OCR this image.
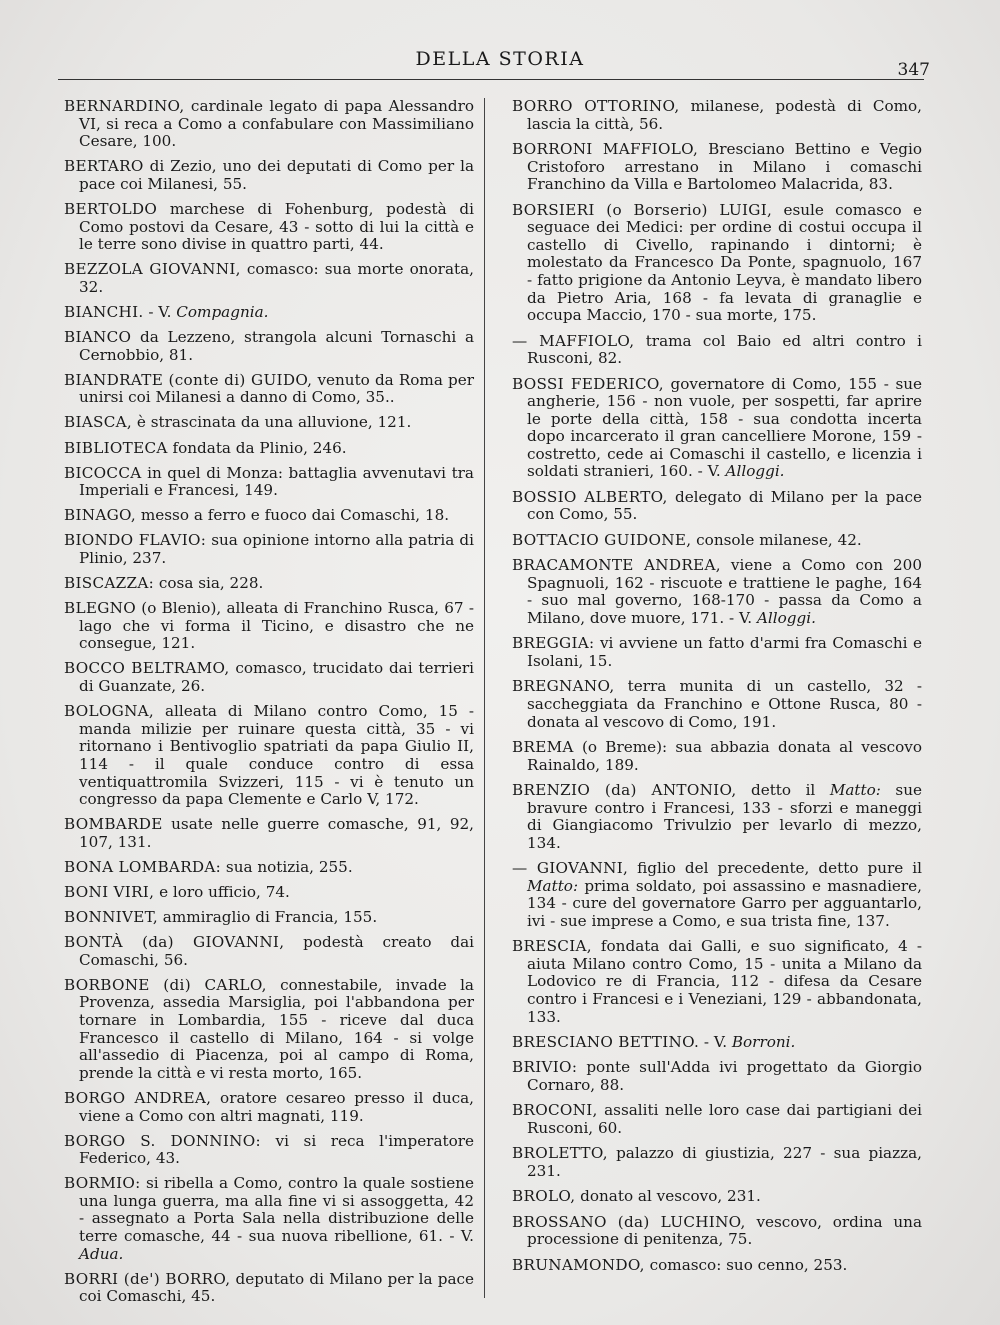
DELLA STORIA	347
BERNARDINO, cardinale legato di papa Alessandro VI, si reca a Como a confabulare con Massimiliano Cesare, 100.
BERTARO di Zezio, uno dei deputati di Como per la pace coi Milanesi, 55.
BERTOLDO marchese di Fohenburg, podestà di Como postovi da Cesare, 43 - sotto di lui la città e le terre sono divise in quattro parti, 44.
BEZZOLA GIOVANNI, comasco: sua morte onorata, 32.
BIANCHI. - V. Compagnia.
BIANCO da Lezzeno, strangola alcuni Tornaschi a Cernobbio, 81.
BIANDRATE (conte di) GUIDO, venuto da Roma per unirsi coi Milanesi a danno di Como, 35..
BIASCA, è strascinata da una alluvione, 121.
BIBLIOTECA fondata da Plinio, 246.
BICOCCA in quel di Monza: battaglia avvenutavi tra Imperiali e Francesi, 149.
BINAGO, messo a ferro e fuoco dai Comaschi, 18.
BIONDO FLAVIO: sua opinione intorno alla patria di Plinio, 237.
BISCAZZA: cosa sia, 228.
BLEGNO (o Blenio), alleata di Franchino Rusca, 67 - lago che vi forma il Ticino, e disastro che ne consegue, 121.
BOCCO BELTRAMO, comasco, trucidato dai terrieri di Guanzate, 26.
BOLOGNA, alleata di Milano contro Como, 15 - manda milizie per ruinare questa città, 35 - vi ritornano i Bentivoglio spatriati da papa Giulio II, 114 - il quale conduce contro di essa ventiquattromila Svizzeri, 115 - vi è tenuto un congresso da papa Clemente e Carlo V, 172.
BOMBARDE usate nelle guerre comasche, 91, 92, 107, 131.
BONA LOMBARDA: sua notizia, 255.
BONI VIRI, e loro ufficio, 74.
BONNIVET, ammiraglio di Francia, 155.
BONTÀ (da) GIOVANNI, podestà creato dai Comaschi, 56.
BORBONE (di) CARLO, connestabile, invade la Provenza, assedia Marsiglia, poi l'abbandona per tornare in Lombardia, 155 - riceve dal duca Francesco il castello di Milano, 164 - si volge all'assedio di Piacenza, poi al campo di Roma, prende la città e vi resta morto, 165.
BORGO ANDREA, oratore cesareo presso il duca, viene a Como con altri magnati, 119.
BORGO S. DONNINO: vi si reca l'imperatore Federico, 43.
BORMIO: si ribella a Como, contro la quale sostiene una lunga guerra, ma alla fine vi si assoggetta, 42 - assegnato a Porta Sala nella distribuzione delle terre comasche, 44 - sua nuova ribellione, 61. - V. Adua.
BORRI (de') BORRO, deputato di Milano per la pace coi Comaschi, 45.
BORRO OTTORINO, milanese, podestà di Como, lascia la città, 56.
BORRONI MAFFIOLO, Bresciano Bettino e Vegio Cristoforo arrestano in Milano i comaschi Franchino da Villa e Bartolomeo Malacrida, 83.
BORSIERI (o Borserio) LUIGI, esule comasco e seguace dei Medici: per ordine di costui occupa il castello di Civello, rapinando i dintorni; è molestato da Francesco Da Ponte, spagnuolo, 167 - fatto prigione da Antonio Leyva, è mandato libero da Pietro Aria, 168 - fa levata di granaglie e occupa Maccio, 170 - sua morte, 175.
— MAFFIOLO, trama col Baio ed altri contro i Rusconi, 82.
BOSSI FEDERICO, governatore di Como, 155 - sue angherie, 156 - non vuole, per sospetti, far aprire le porte della città, 158 - sua condotta incerta dopo incarcerato il gran cancelliere Morone, 159 - costretto, cede ai Comaschi il castello, e licenzia i soldati stranieri, 160. - V. Alloggi.
BOSSIO ALBERTO, delegato di Milano per la pace con Como, 55.
BOTTACIO GUIDONE, console milanese, 42.
BRACAMONTE ANDREA, viene a Como con 200 Spagnuoli, 162 - riscuote e trattiene le paghe, 164 - suo mal governo, 168-170 - passa da Como a Milano, dove muore, 171. - V. Alloggi.
BREGGIA: vi avviene un fatto d'armi fra Comaschi e Isolani, 15.
BREGNANO, terra munita di un castello, 32 - saccheggiata da Franchino e Ottone Rusca, 80 - donata al vescovo di Como, 191.
BREMA (o Breme): sua abbazia donata al vescovo Rainaldo, 189.
BRENZIO (da) ANTONIO, detto il Matto: sue bravure contro i Francesi, 133 - sforzi e maneggi di Giangiacomo Trivulzio per levarlo di mezzo, 134.
— GIOVANNI, figlio del precedente, detto pure il Matto: prima soldato, poi assassino e masnadiere, 134 - cure del governatore Garro per agguantarlo, ivi - sue imprese a Como, e sua trista fine, 137.
BRESCIA, fondata dai Galli, e suo significato, 4 - aiuta Milano contro Como, 15 - unita a Milano da Lodovico re di Francia, 112 - difesa da Cesare contro i Francesi e i Veneziani, 129 - abbandonata, 133.
BRESCIANO BETTINO. - V. Borroni.
BRIVIO: ponte sull'Adda ivi progettato da Giorgio Cornaro, 88.
BROCONI, assaliti nelle loro case dai partigiani dei Rusconi, 60.
BROLETTO, palazzo di giustizia, 227 - sua piazza, 231.
BROLO, donato al vescovo, 231.
BROSSANO (da) LUCHINO, vescovo, ordina una processione di penitenza, 75.
BRUNAMONDO, comasco: suo cenno, 253.
